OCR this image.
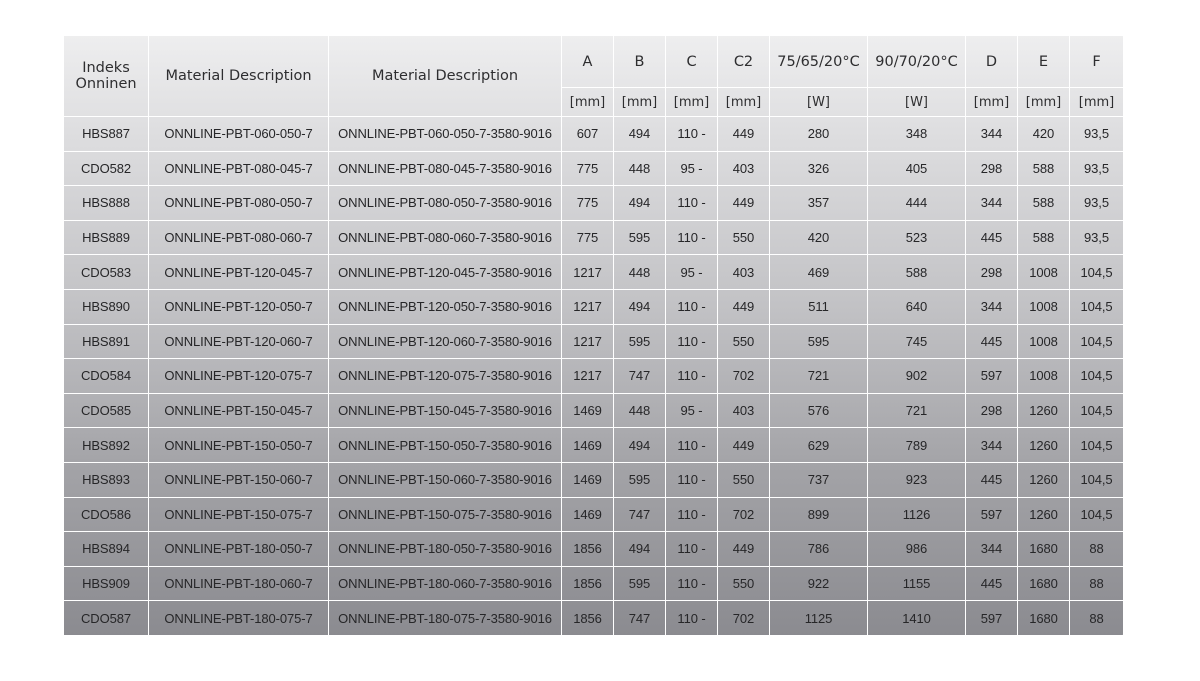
Indeks
Onninen	Material Description	Material Description	A	B	C	C2	75/65/20°C	90/70/20°C	D	E	F
			[mm]	[mm]	[mm]	[mm]	[W]	[W]	[mm]	[mm]	[mm]
HBS887	ONNLINE-PBT-060-050-7	ONNLINE-PBT-060-050-7-3580-9016	607	494	110 -	449	280	348	344	420	93,5
CDO582	ONNLINE-PBT-080-045-7	ONNLINE-PBT-080-045-7-3580-9016	775	448	95 -	403	326	405	298	588	93,5
HBS888	ONNLINE-PBT-080-050-7	ONNLINE-PBT-080-050-7-3580-9016	775	494	110 -	449	357	444	344	588	93,5
HBS889	ONNLINE-PBT-080-060-7	ONNLINE-PBT-080-060-7-3580-9016	775	595	110 -	550	420	523	445	588	93,5
CDO583	ONNLINE-PBT-120-045-7	ONNLINE-PBT-120-045-7-3580-9016	1217	448	95 -	403	469	588	298	1008	104,5
HBS890	ONNLINE-PBT-120-050-7	ONNLINE-PBT-120-050-7-3580-9016	1217	494	110 -	449	511	640	344	1008	104,5
HBS891	ONNLINE-PBT-120-060-7	ONNLINE-PBT-120-060-7-3580-9016	1217	595	110 -	550	595	745	445	1008	104,5
CDO584	ONNLINE-PBT-120-075-7	ONNLINE-PBT-120-075-7-3580-9016	1217	747	110 -	702	721	902	597	1008	104,5
CDO585	ONNLINE-PBT-150-045-7	ONNLINE-PBT-150-045-7-3580-9016	1469	448	95 -	403	576	721	298	1260	104,5
HBS892	ONNLINE-PBT-150-050-7	ONNLINE-PBT-150-050-7-3580-9016	1469	494	110 -	449	629	789	344	1260	104,5
HBS893	ONNLINE-PBT-150-060-7	ONNLINE-PBT-150-060-7-3580-9016	1469	595	110 -	550	737	923	445	1260	104,5
CDO586	ONNLINE-PBT-150-075-7	ONNLINE-PBT-150-075-7-3580-9016	1469	747	110 -	702	899	1126	597	1260	104,5
HBS894	ONNLINE-PBT-180-050-7	ONNLINE-PBT-180-050-7-3580-9016	1856	494	110 -	449	786	986	344	1680	88
HBS909	ONNLINE-PBT-180-060-7	ONNLINE-PBT-180-060-7-3580-9016	1856	595	110 -	550	922	1155	445	1680	88
CDO587	ONNLINE-PBT-180-075-7	ONNLINE-PBT-180-075-7-3580-9016	1856	747	110 -	702	1125	1410	597	1680	88
